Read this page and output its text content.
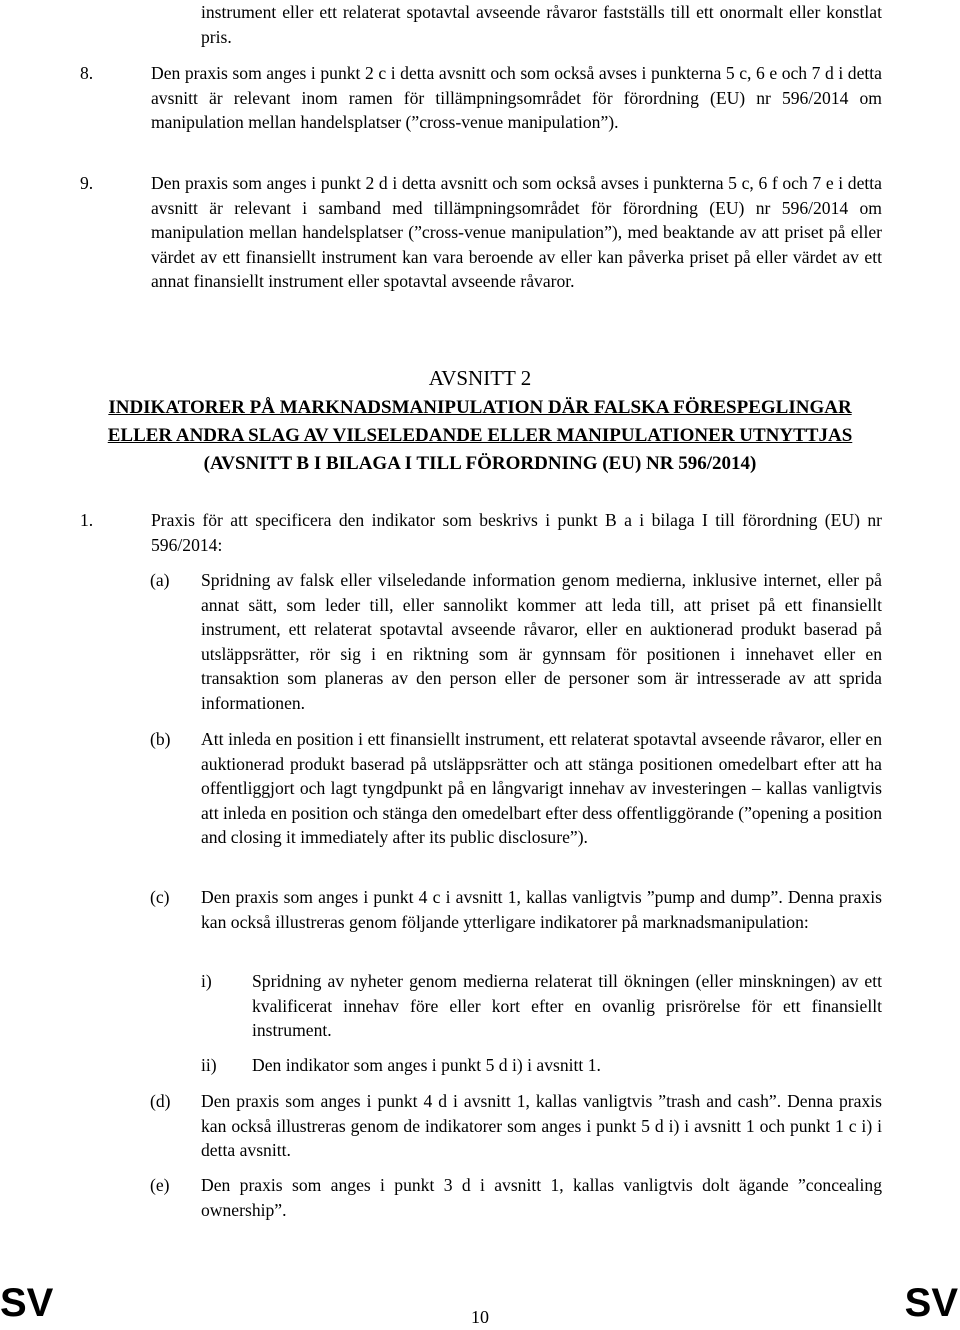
instrument eller ett relaterat spotavtal avseende råvaror fastställs till ett onormalt eller konstlat pris.

8.	Den praxis som anges i punkt 2 c i detta avsnitt och som också avses i punkterna 5 c, 6 e och 7 d i detta avsnitt är relevant inom ramen för tillämpningsområdet för förordning (EU) nr 596/2014 om manipulation mellan handelsplatser (”cross-venue manipulation”).

9.	Den praxis som anges i punkt 2 d i detta avsnitt och som också avses i punkterna 5 c, 6 f och 7 e i detta avsnitt är relevant i samband med tillämpningsområdet för förordning (EU) nr 596/2014 om manipulation mellan handelsplatser (”cross-venue manipulation”), med beaktande av att priset på eller värdet av ett finansiellt instrument kan vara beroende av eller kan påverka priset på eller värdet av ett annat finansiellt instrument eller spotavtal avseende råvaror.

AVSNITT 2
INDIKATORER PÅ MARKNADSMANIPULATION DÄR FALSKA FÖRESPEGLINGAR
ELLER ANDRA SLAG AV VILSELEDANDE ELLER MANIPULATIONER UTNYTTJAS
(AVSNITT B I BILAGA I TILL FÖRORDNING (EU) NR 596/2014)
1.	Praxis för att specificera den indikator som beskrivs i punkt B a i bilaga I till förordning (EU) nr 596/2014:

(a) Spridning av falsk eller vilseledande information genom medierna, inklusive internet, eller på annat sätt, som leder till, eller sannolikt kommer att leda till, att priset på ett finansiellt instrument, ett relaterat spotavtal avseende råvaror, eller en auktionerad produkt baserad på utsläppsrätter, rör sig i en riktning som är gynnsam för positionen i innehavet eller en transaktion som planeras av den person eller de personer som är intresserade av att sprida informationen.

(b) Att inleda en position i ett finansiellt instrument, ett relaterat spotavtal avseende råvaror, eller en auktionerad produkt baserad på utsläppsrätter och att stänga positionen omedelbart efter att ha offentliggjort och lagt tyngdpunkt på en långvarigt innehav av investeringen – kallas vanligtvis att inleda en position och stänga den omedelbart efter dess offentliggörande (”opening a position and closing it immediately after its public disclosure”).

(c) Den praxis som anges i punkt 4 c i avsnitt 1, kallas vanligtvis ”pump and dump”. Denna praxis kan också illustreras genom följande ytterligare indikatorer på marknadsmanipulation:

i) Spridning av nyheter genom medierna relaterat till ökningen (eller minskningen) av ett kvalificerat innehav före eller kort efter en ovanlig prisrörelse för ett finansiellt instrument.

ii) Den indikator som anges i punkt 5 d i) i avsnitt 1.

(d) Den praxis som anges i punkt 4 d i avsnitt 1, kallas vanligtvis ”trash and cash”. Denna praxis kan också illustreras genom de indikatorer som anges i punkt 5 d i) i avsnitt 1 och punkt 1 c i) i detta avsnitt.

(e) Den praxis som anges i punkt 3 d i avsnitt 1, kallas vanligtvis dolt ägande ”concealing ownership”.

SV	10	SV
